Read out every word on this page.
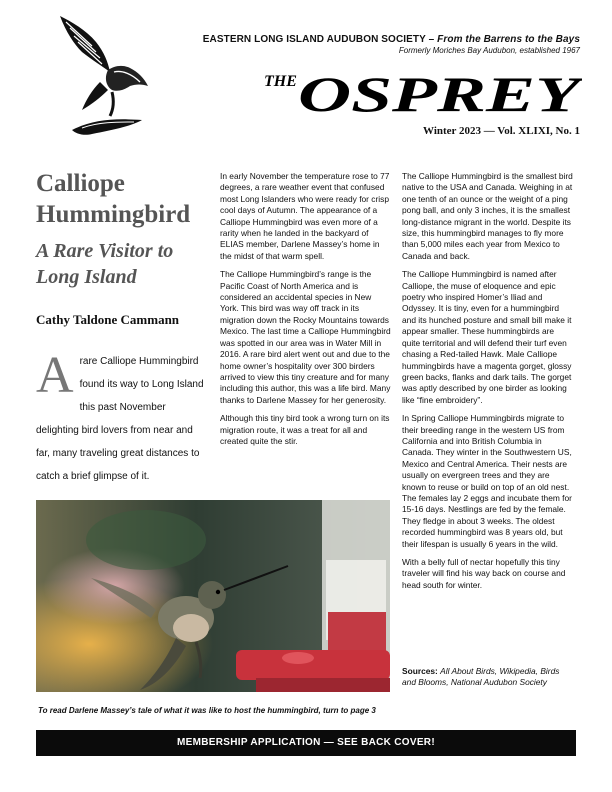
EASTERN LONG ISLAND AUDUBON SOCIETY – From the Barrens to the Bays
Formerly Moriches Bay Audubon, established 1967
THE OSPREY
Winter 2023 — Vol. XLIXI, No. 1
Calliope Hummingbird
A Rare Visitor to Long Island
Cathy Taldone Cammann
Arare Calliope Hummingbird found its way to Long Island this past November delighting bird lovers from near and far, many traveling great distances to catch a brief glimpse of it.

In early November the temperature rose to 77 degrees, a rare weather event that confused most Long Islanders who were ready for crisp cool days of Autumn. The appearance of a Calliope Hummingbird was even more of a rarity when he landed in the backyard of ELIAS member, Darlene Massey’s home in the midst of that warm spell.

The Calliope Hummingbird’s range is the Pacific Coast of North America and is considered an accidental species in New York. This bird was way off track in its migration down the Rocky Mountains towards Mexico. The last time a Calliope Hummingbird was spotted in our area was in Water Mill in 2016. A rare bird alert went out and due to the home owner’s hospitality over 300 birders arrived to view this tiny creature and for many including this author, this was a life bird. Many thanks to Darlene Massey for her generosity.

Although this tiny bird took a wrong turn on its migration route, it was a treat for all and created quite the stir.

The Calliope Hummingbird is the smallest bird native to the USA and Canada. Weighing in at one tenth of an ounce or the weight of a ping pong ball, and only 3 inches, it is the smallest long-distance migrant in the world. Despite its size, this hummingbird manages to fly more than 5,000 miles each year from Mexico to Canada and back.

The Calliope Hummingbird is named after Calliope, the muse of eloquence and epic poetry who inspired Homer’s Iliad and Odyssey. It is tiny, even for a hummingbird and its hunched posture and small bill make it appear smaller. These hummingbirds are quite territorial and will defend their turf even chasing a Red-tailed Hawk. Male Calliope hummingbirds have a magenta gorget, glossy green backs, flanks and dark tails. The gorget was aptly described by one birder as looking like “fine embroidery”.

In Spring Calliope Hummingbirds migrate to their breeding range in the western US from California and into British Columbia in Canada. They winter in the Southwestern US, Mexico and Central America. Their nests are usually on evergreen trees and they are known to reuse or build on top of an old nest. The females lay 2 eggs and incubate them for 15-16 days. Nestlings are fed by the female. They fledge in about 3 weeks. The oldest recorded hummingbird was 8 years old, but their lifespan is usually 6 years in the wild.

With a belly full of nectar hopefully this tiny traveler will find his way back on course and head south for winter.

Sources: All About Birds, Wikipedia, Birds and Blooms, National Audubon Society
To read Darlene Massey’s tale of what it was like to host the hummingbird, turn to page 3
MEMBERSHIP APPLICATION — SEE BACK COVER!
